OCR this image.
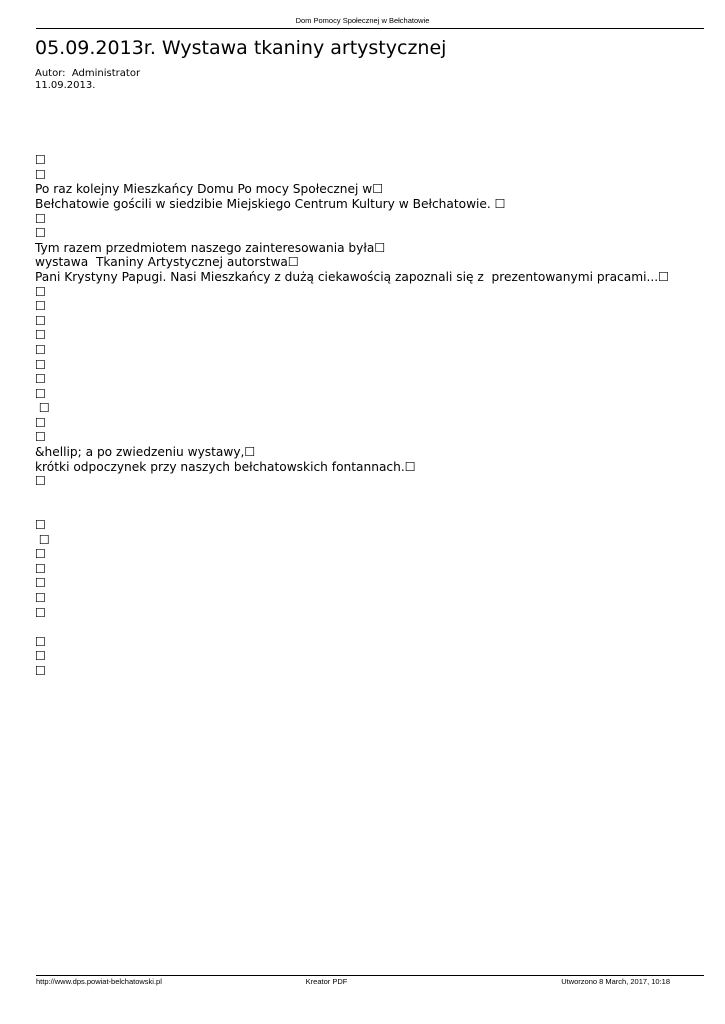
Dom Pomocy Społecznej w Bełchatowie
05.09.2013r. Wystawa tkaniny artystycznej
Autor:  Administrator
11.09.2013.
☐
☐
Po raz kolejny Mieszkańcy Domu Po mocy Społecznej w☐
Bełchatowie gościli w siedzibie Miejskiego Centrum Kultury w Bełchatowie. ☐
☐
☐
Tym razem przedmiotem naszego zainteresowania była☐
wystawa  Tkaniny Artystycznej autorstwa☐
Pani Krystyny Papugi. Nasi Mieszkańcy z dużą ciekawością zapoznali się z  prezentowanymi pracami...☐
☐
☐
☐
☐
☐
☐
☐
☐
☐
☐
☐
&hellip; a po zwiedzeniu wystawy,☐
krótki odpoczynek przy naszych bełchatowskich fontannach.☐
☐
☐
☐
☐
☐
☐
☐
☐
☐
☐
☐
http://www.dps.powiat-belchatowski.pl	Kreator PDF	Utworzono 8 March, 2017, 10:18
